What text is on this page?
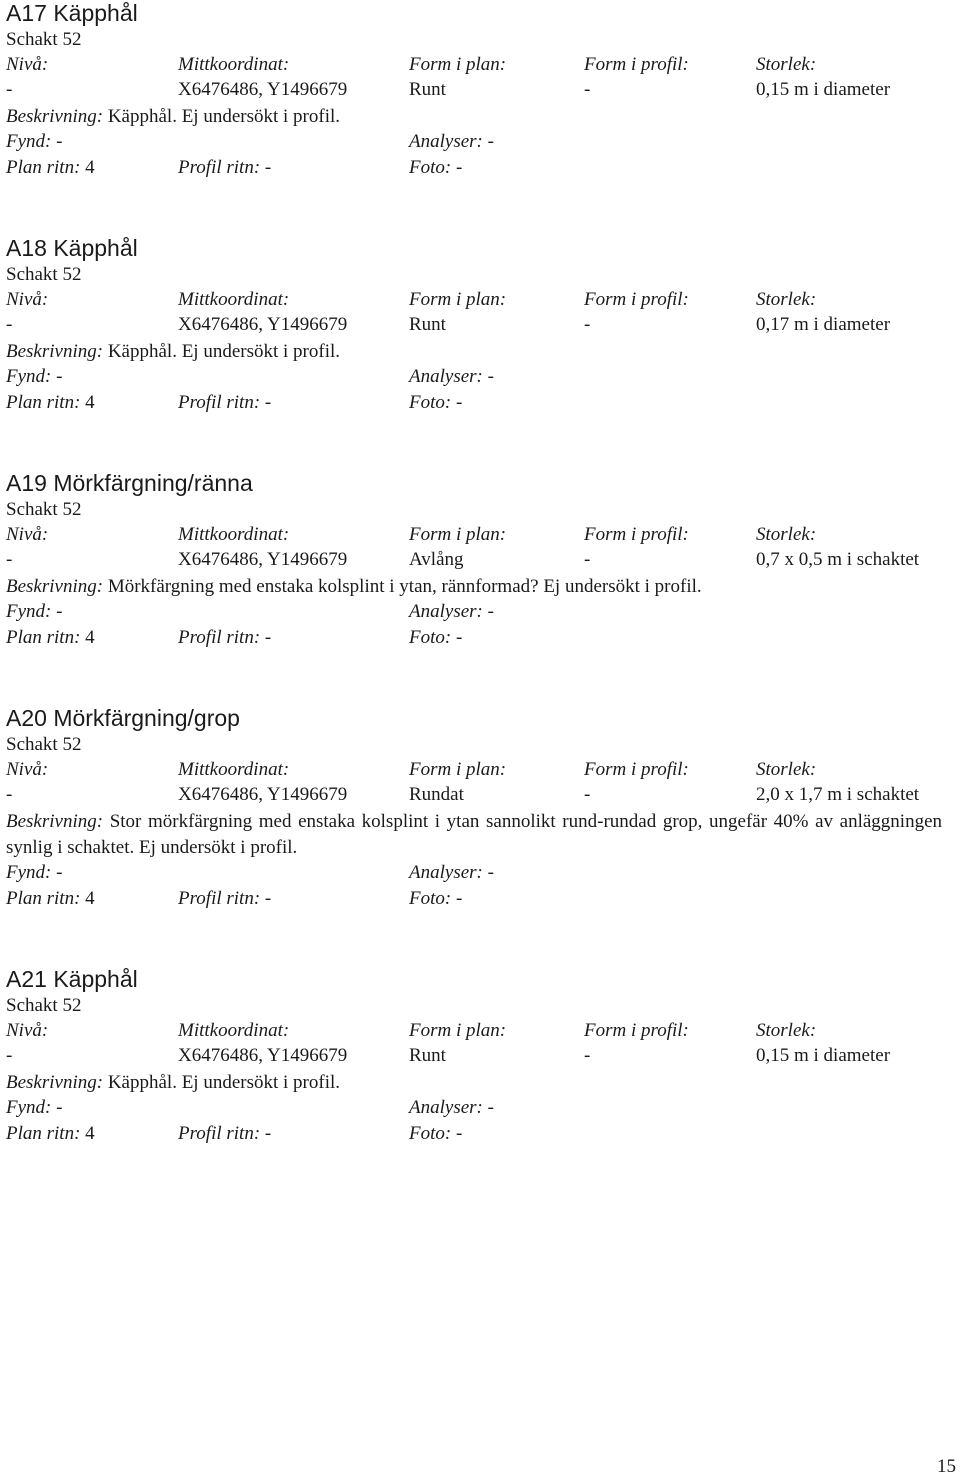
A17 Käpphål
Schakt 52
Nivå:	Mittkoordinat:	Form i plan:	Form i profil:	Storlek:
-	X6476486, Y1496679	Runt	-	0,15 m i diameter
Beskrivning: Käpphål. Ej undersökt i profil.
Fynd: -	Analyser: -
Plan ritn: 4	Profil ritn: -	Foto: -
A18 Käpphål
Schakt 52
Nivå:	Mittkoordinat:	Form i plan:	Form i profil:	Storlek:
-	X6476486, Y1496679	Runt	-	0,17 m i diameter
Beskrivning: Käpphål. Ej undersökt i profil.
Fynd: -	Analyser: -
Plan ritn: 4	Profil ritn: -	Foto: -
A19 Mörkfärgning/ränna
Schakt 52
Nivå:	Mittkoordinat:	Form i plan:	Form i profil:	Storlek:
-	X6476486, Y1496679	Avlång	-	0,7 x 0,5 m i schaktet
Beskrivning: Mörkfärgning med enstaka kolsplint i ytan, rännformad? Ej undersökt i profil.
Fynd: -	Analyser: -
Plan ritn: 4	Profil ritn: -	Foto: -
A20 Mörkfärgning/grop
Schakt 52
Nivå:	Mittkoordinat:	Form i plan:	Form i profil:	Storlek:
-	X6476486, Y1496679	Rundat	-	2,0 x 1,7 m i schaktet
Beskrivning: Stor mörkfärgning med enstaka kolsplint i ytan sannolikt rund-rundad grop, ungefär 40% av anläggningen synlig i schaktet. Ej undersökt i profil.
Fynd: -	Analyser: -
Plan ritn: 4	Profil ritn: -	Foto: -
A21 Käpphål
Schakt 52
Nivå:	Mittkoordinat:	Form i plan:	Form i profil:	Storlek:
-	X6476486, Y1496679	Runt	-	0,15 m i diameter
Beskrivning: Käpphål. Ej undersökt i profil.
Fynd: -	Analyser: -
Plan ritn: 4	Profil ritn: -	Foto: -
15
